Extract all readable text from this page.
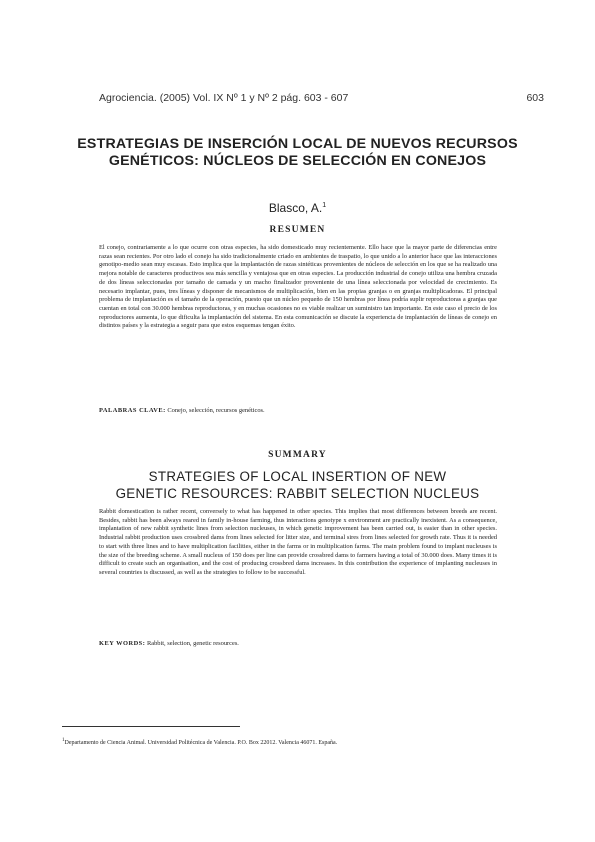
Agrociencia. (2005) Vol. IX Nº 1 y Nº 2 pág. 603 - 607	603
ESTRATEGIAS DE INSERCIÓN LOCAL DE NUEVOS RECURSOS
GENÉTICOS: NÚCLEOS DE SELECCIÓN EN CONEJOS
Blasco, A.$^1$
RESUMEN
El conejo, contrariamente a lo que ocurre con otras especies, ha sido domesticado muy recientemente. Ello hace que la mayor parte de diferencias entre razas sean recientes. Por otro lado el conejo ha sido tradicionalmente criado en ambientes de traspatio, lo que unido a lo anterior hace que las interacciones genotipo-medio sean muy escasas. Esto implica que la implantación de razas sintéticas provenientes de núcleos de selección en los que se ha realizado una mejora notable de caracteres productivos sea más sencilla y ventajosa que en otras especies. La producción industrial de conejo utiliza una hembra cruzada de dos líneas seleccionadas por tamaño de camada y un macho finalizador proveniente de una línea seleccionada por velocidad de crecimiento. Es necesario implantar, pues, tres líneas y disponer de mecanismos de multiplicación, bien en las propias granjas o en granjas multiplicadoras. El principal problema de implantación es el tamaño de la operación, puesto que un núcleo pequeño de 150 hembras por línea podría suplir reproductoras a granjas que cuentan en total con 30.000 hembras reproductoras, y en muchas ocasiones no es viable realizar un suministro tan importante. En este caso el precio de los reproductores aumenta, lo que dificulta la implantación del sistema. En esta comunicación se discute la experiencia de implantación de líneas de conejo en distintos países y la estrategia a seguir para que estos esquemas tengan éxito.
PALABRAS CLAVE: Conejo, selección, recursos genéticos.
SUMMARY
STRATEGIES OF LOCAL INSERTION OF NEW
GENETIC RESOURCES: RABBIT SELECTION NUCLEUS
Rabbit domestication is rather recent, conversely to what has happened in other species. This implies that most differences between breeds are recent. Besides, rabbit has been always reared in family in-house farming, thus interactions genotype x environment are practically inexistent. As a consequence, implantation of new rabbit synthetic lines from selection nucleuses, in which genetic improvement has been carried out, is easier than in other species. Industrial rabbit production uses crossbred dams from lines selected for litter size, and terminal sires from lines selected for growth rate. Thus it is needed to start with three lines and to have multiplication facilities, either in the farms or in multiplication farms. The main problem found to implant nucleuses is the size of the breeding scheme. A small nucleus of 150 does per line can provide crossbred dams to farmers having a total of 30.000 does. Many times it is difficult to create such an organisation, and the cost of producing crossbred dams increases. In this contribution the experience of implanting nucleuses in several countries is discussed, as well as the strategies to follow to be successful.
KEY WORDS: Rabbit, selection, genetic resources.
$^1$Departamento de Ciencia Animal. Universidad Politécnica de Valencia. P.O. Box 22012. Valencia 46071. España.
